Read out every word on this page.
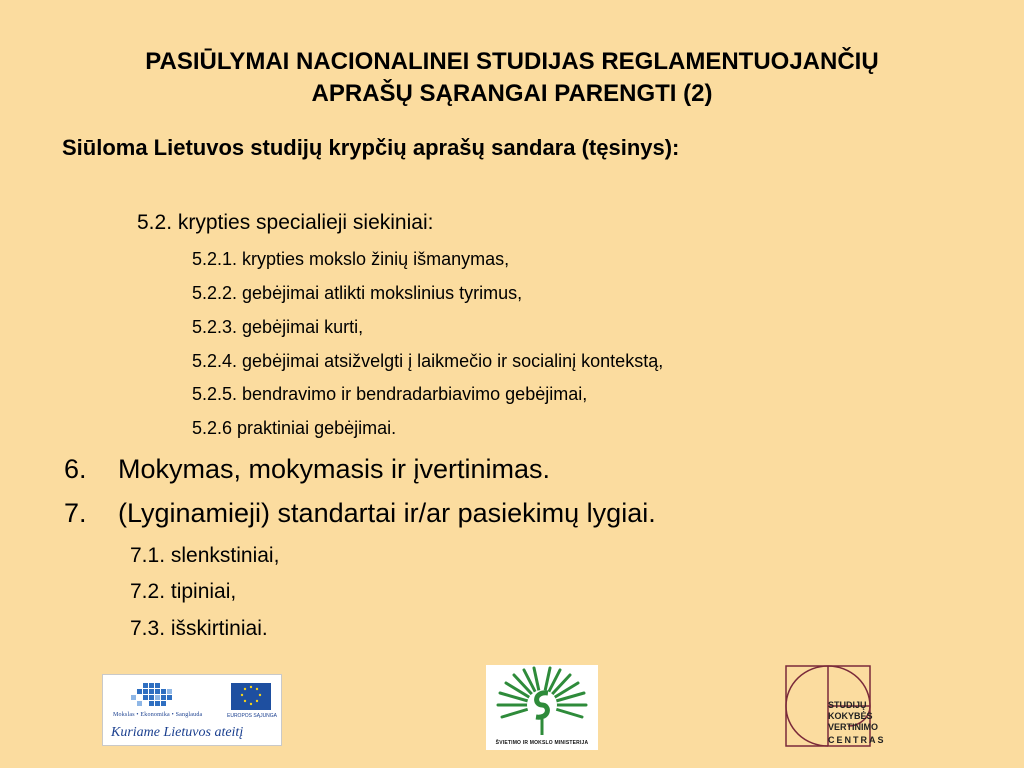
PASIŪLYMAI NACIONALINEI STUDIJAS REGLAMENTUOJANČIŲ
APRAŠŲ SĄRANGAI PARENGTI (2)
Siūloma Lietuvos studijų krypčių aprašų sandara (tęsinys):
5.2. krypties specialieji siekiniai:
5.2.1. krypties mokslo žinių išmanymas,
5.2.2. gebėjimai atlikti mokslinius tyrimus,
5.2.3. gebėjimai kurti,
5.2.4. gebėjimai atsižvelgti į laikmečio ir socialinį kontekstą,
5.2.5. bendravimo ir bendradarbiavimo gebėjimai,
5.2.6 praktiniai gebėjimai.
6. Mokymas, mokymasis ir įvertinimas.
7. (Lyginamieji) standartai ir/ar pasiekimų lygiai.
7.1. slenkstiniai,
7.2. tipiniai,
7.3. išskirtiniai.
Mokslas • Ekonomika • Sanglauda	EUROPOS SĄJUNGA
Kuriame Lietuvos ateitį
ŠVIETIMO IR MOKSLO MINISTERIJA
STUDIJŲ
KOKYBĖS
VERTINIMO
CENTRAS
